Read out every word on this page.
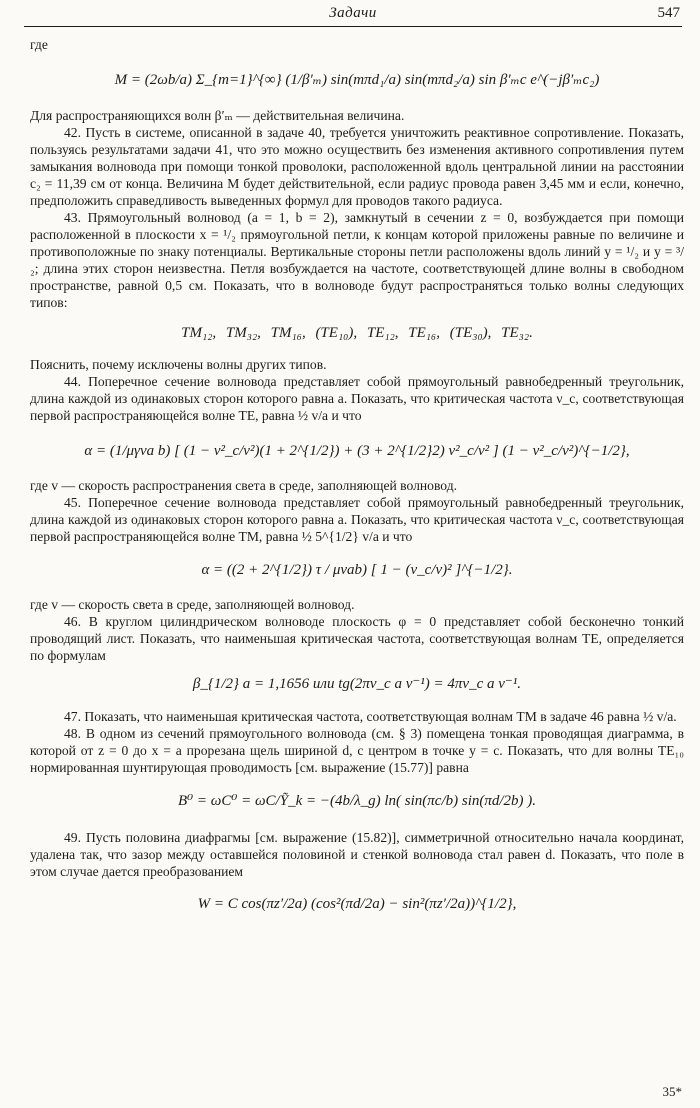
Задачи	547

где

M = (2ωb/a) Σ_{m=1}^{∞} (1/β′ₘ) sin(mπd₁/a) sin(mπd₂/a) sin β′ₘc e^(−jβ′ₘc₂)

Для распространяющихся волн β′ₘ — действительная величина.

42. Пусть в системе, описанной в задаче 40, требуется уничтожить реактивное сопротивление. Показать, пользуясь результатами задачи 41, что это можно осуществить без изменения активного сопротивления путем замыкания волновода при помощи тонкой проволоки, расположенной вдоль центральной линии на расстоянии c₂ = 11,39 см от конца. Величина M будет действительной, если радиус провода равен 3,45 мм и если, конечно, предположить справедливость выведенных формул для проводов такого радиуса.

43. Прямоугольный волновод (a = 1, b = 2), замкнутый в сечении z = 0, возбуждается при помощи расположенной в плоскости x = ¹/₂ прямоугольной петли, к концам которой приложены равные по величине и противоположные по знаку потенциалы. Вертикальные стороны петли расположены вдоль линий y = ¹/₂ и y = ³/₂; длина этих сторон неизвестна. Петля возбуждается на частоте, соответствующей длине волны в свободном пространстве, равной 0,5 см. Показать, что в волноводе будут распространяться только волны следующих типов:

TM₁₂, TM₃₂, TM₁₆, (TE₁₀), TE₁₂, TE₁₆, (TE₃₀), TE₃₂.

Пояснить, почему исключены волны других типов.

44. Поперечное сечение волновода представляет собой прямоугольный равнобедренный треугольник, длина каждой из одинаковых сторон которого равна a. Показать, что критическая частота ν_c, соответствующая первой распространяющейся волне TE, равна ½ v/a и что

α = (1/μγva b) [ (1 − ν²_c/ν²)(1 + 2^{1/2}) + (3 + 2^{1/2}2) ν²_c/ν² ] (1 − ν²_c/ν²)^{−1/2},

где v — скорость распространения света в среде, заполняющей волновод.

45. Поперечное сечение волновода представляет собой прямоугольный равнобедренный треугольник, длина каждой из одинаковых сторон которого равна a. Показать, что критическая частота ν_c, соответствующая первой распространяющейся волне TM, равна ½ 5^{1/2} v/a и что

α = ((2 + 2^{1/2}) τ / μvab) [ 1 − (ν_c/ν)² ]^{−1/2}.

где v — скорость света в среде, заполняющей волновод.

46. В круглом цилиндрическом волноводе плоскость φ = 0 представляет собой бесконечно тонкий проводящий лист. Показать, что наименьшая критическая частота, соответствующая волнам TE, определяется по формулам

β_{1/2} a = 1,1656 или tg(2πν_c a v⁻¹) = 4πν_c a v⁻¹.

47. Показать, что наименьшая критическая частота, соответствующая волнам TM в задаче 46 равна ½ v/a.

48. В одном из сечений прямоугольного волновода (см. § 3) помещена тонкая проводящая диаграмма, в которой от z = 0 до x = a прорезана щель шириной d, с центром в точке y = c. Показать, что для волны TE₁₀ нормированная шунтирующая проводимость [см. выражение (15.77)] равна

B⁰ = ωC⁰ = ωC/Ỹ_k = −(4b/λ_g) ln( sin(πc/b) sin(πd/2b) ).

49. Пусть половина диафрагмы [см. выражение (15.82)], симметричной относительно начала координат, удалена так, что зазор между оставшейся половиной и стенкой волновода стал равен d. Показать, что поле в этом случае дается преобразованием

W = C cos(πz′/2a) (cos²(πd/2a) − sin²(πz′/2a))^{1/2},
35*
